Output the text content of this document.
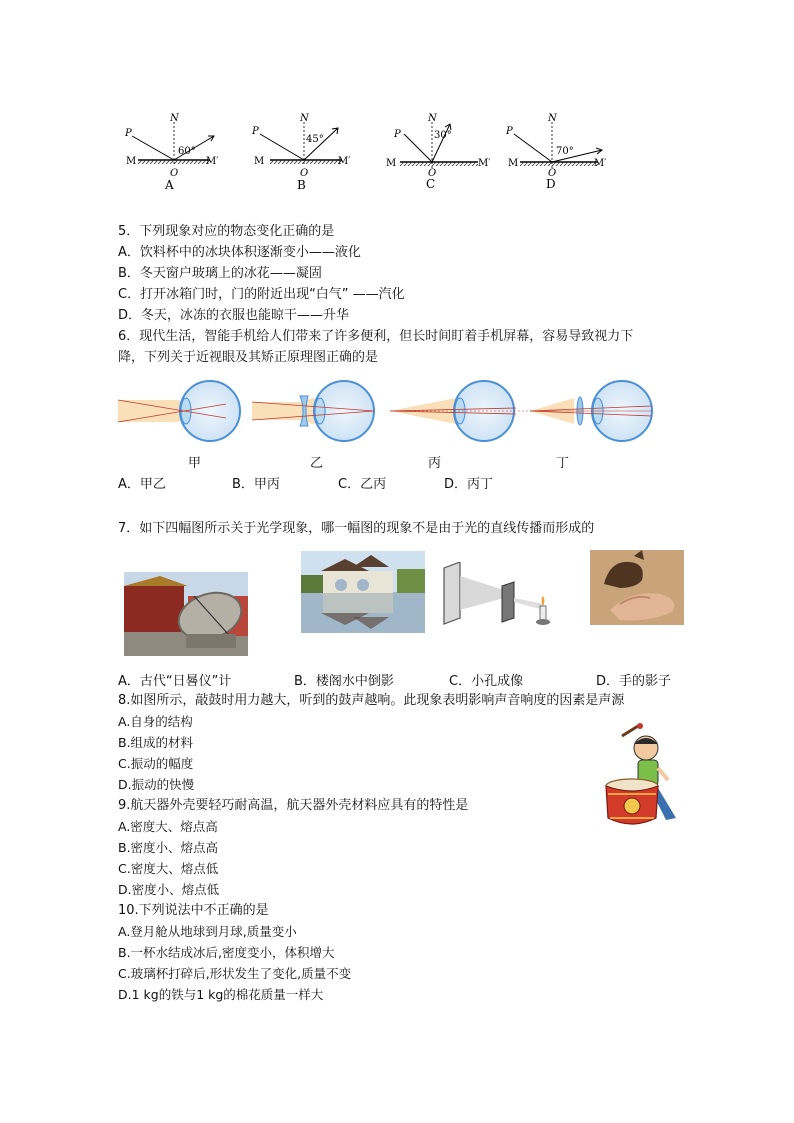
P
N
60°
M	M′
O
A
P
N
45°
M	M′
O
B
P
N
30°
M	M′
O
C
P
N
70°
M	M′
O
D
5．下列现象对应的物态变化正确的是
A．饮料杯中的冰块体积逐渐变小——液化
B．冬天窗户玻璃上的冰花——凝固
C．打开冰箱门时，门的附近出现“白气” ——汽化
D．冬天，冰冻的衣服也能晾干——升华
6．现代生活，智能手机给人们带来了许多便利，但长时间盯着手机屏幕，容易导致视力下
降，下列关于近视眼及其矫正原理图正确的是
甲	乙	丙	丁
A．甲乙	B．甲丙	C．乙丙	D．丙丁
7．如下四幅图所示关于光学现象，哪一幅图的现象不是由于光的直线传播而形成的
A．古代“日晷仪”计	B．楼阁水中倒影	C．小孔成像	D．手的影子
8.如图所示，敲鼓时用力越大，听到的鼓声越响。此现象表明影响声音响度的因素是声源
A.自身的结构
B.组成的材料
C.振动的幅度
D.振动的快慢
9.航天器外壳要轻巧耐高温，航天器外壳材料应具有的特性是
A.密度大、熔点高
B.密度小、熔点高
C.密度大、熔点低
D.密度小、熔点低
10.下列说法中不正确的是
A.登月舱从地球到月球,质量变小
B.一杯水结成冰后,密度变小，体积增大
C.玻璃杯打碎后,形状发生了变化,质量不变
D.1 kg的铁与1 kg的棉花质量一样大
